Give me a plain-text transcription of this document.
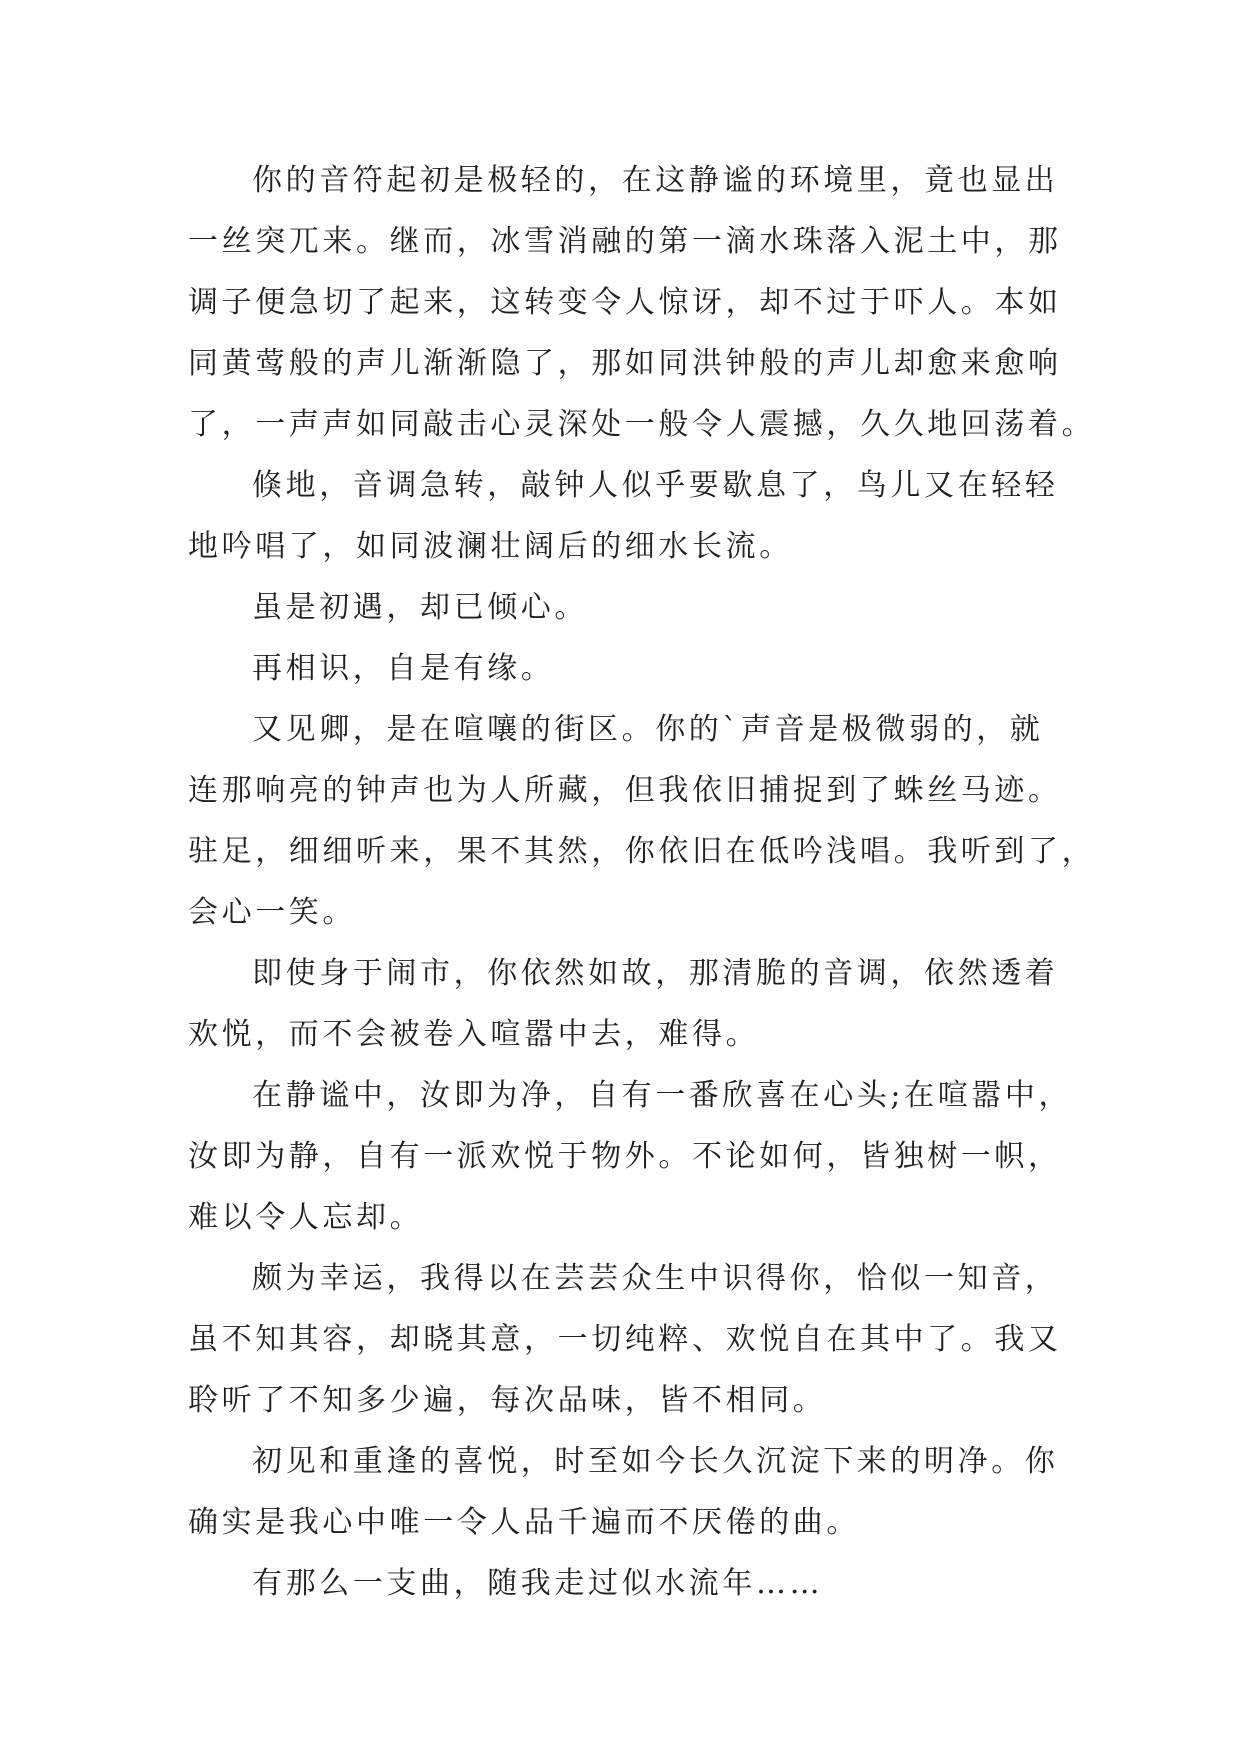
你的音符起初是极轻的，在这静谧的环境里，竟也显出
一丝突兀来。继而，冰雪消融的第一滴水珠落入泥土中，那
调子便急切了起来，这转变令人惊讶，却不过于吓人。本如
同黄莺般的声儿渐渐隐了，那如同洪钟般的声儿却愈来愈响
了，一声声如同敲击心灵深处一般令人震撼，久久地回荡着。
倏地，音调急转，敲钟人似乎要歇息了，鸟儿又在轻轻
地吟唱了，如同波澜壮阔后的细水长流。
虽是初遇，却已倾心。
再相识，自是有缘。
又见卿，是在喧嚷的街区。你的`声音是极微弱的，就
连那响亮的钟声也为人所藏，但我依旧捕捉到了蛛丝马迹。
驻足，细细听来，果不其然，你依旧在低吟浅唱。我听到了，
会心一笑。
即使身于闹市，你依然如故，那清脆的音调，依然透着
欢悦，而不会被卷入喧嚣中去，难得。
在静谧中，汝即为净，自有一番欣喜在心头;在喧嚣中，
汝即为静，自有一派欢悦于物外。不论如何，皆独树一帜，
难以令人忘却。
颇为幸运，我得以在芸芸众生中识得你，恰似一知音，
虽不知其容，却晓其意，一切纯粹、欢悦自在其中了。我又
聆听了不知多少遍，每次品味，皆不相同。
初见和重逢的喜悦，时至如今长久沉淀下来的明净。你
确实是我心中唯一令人品千遍而不厌倦的曲。
有那么一支曲，随我走过似水流年……
